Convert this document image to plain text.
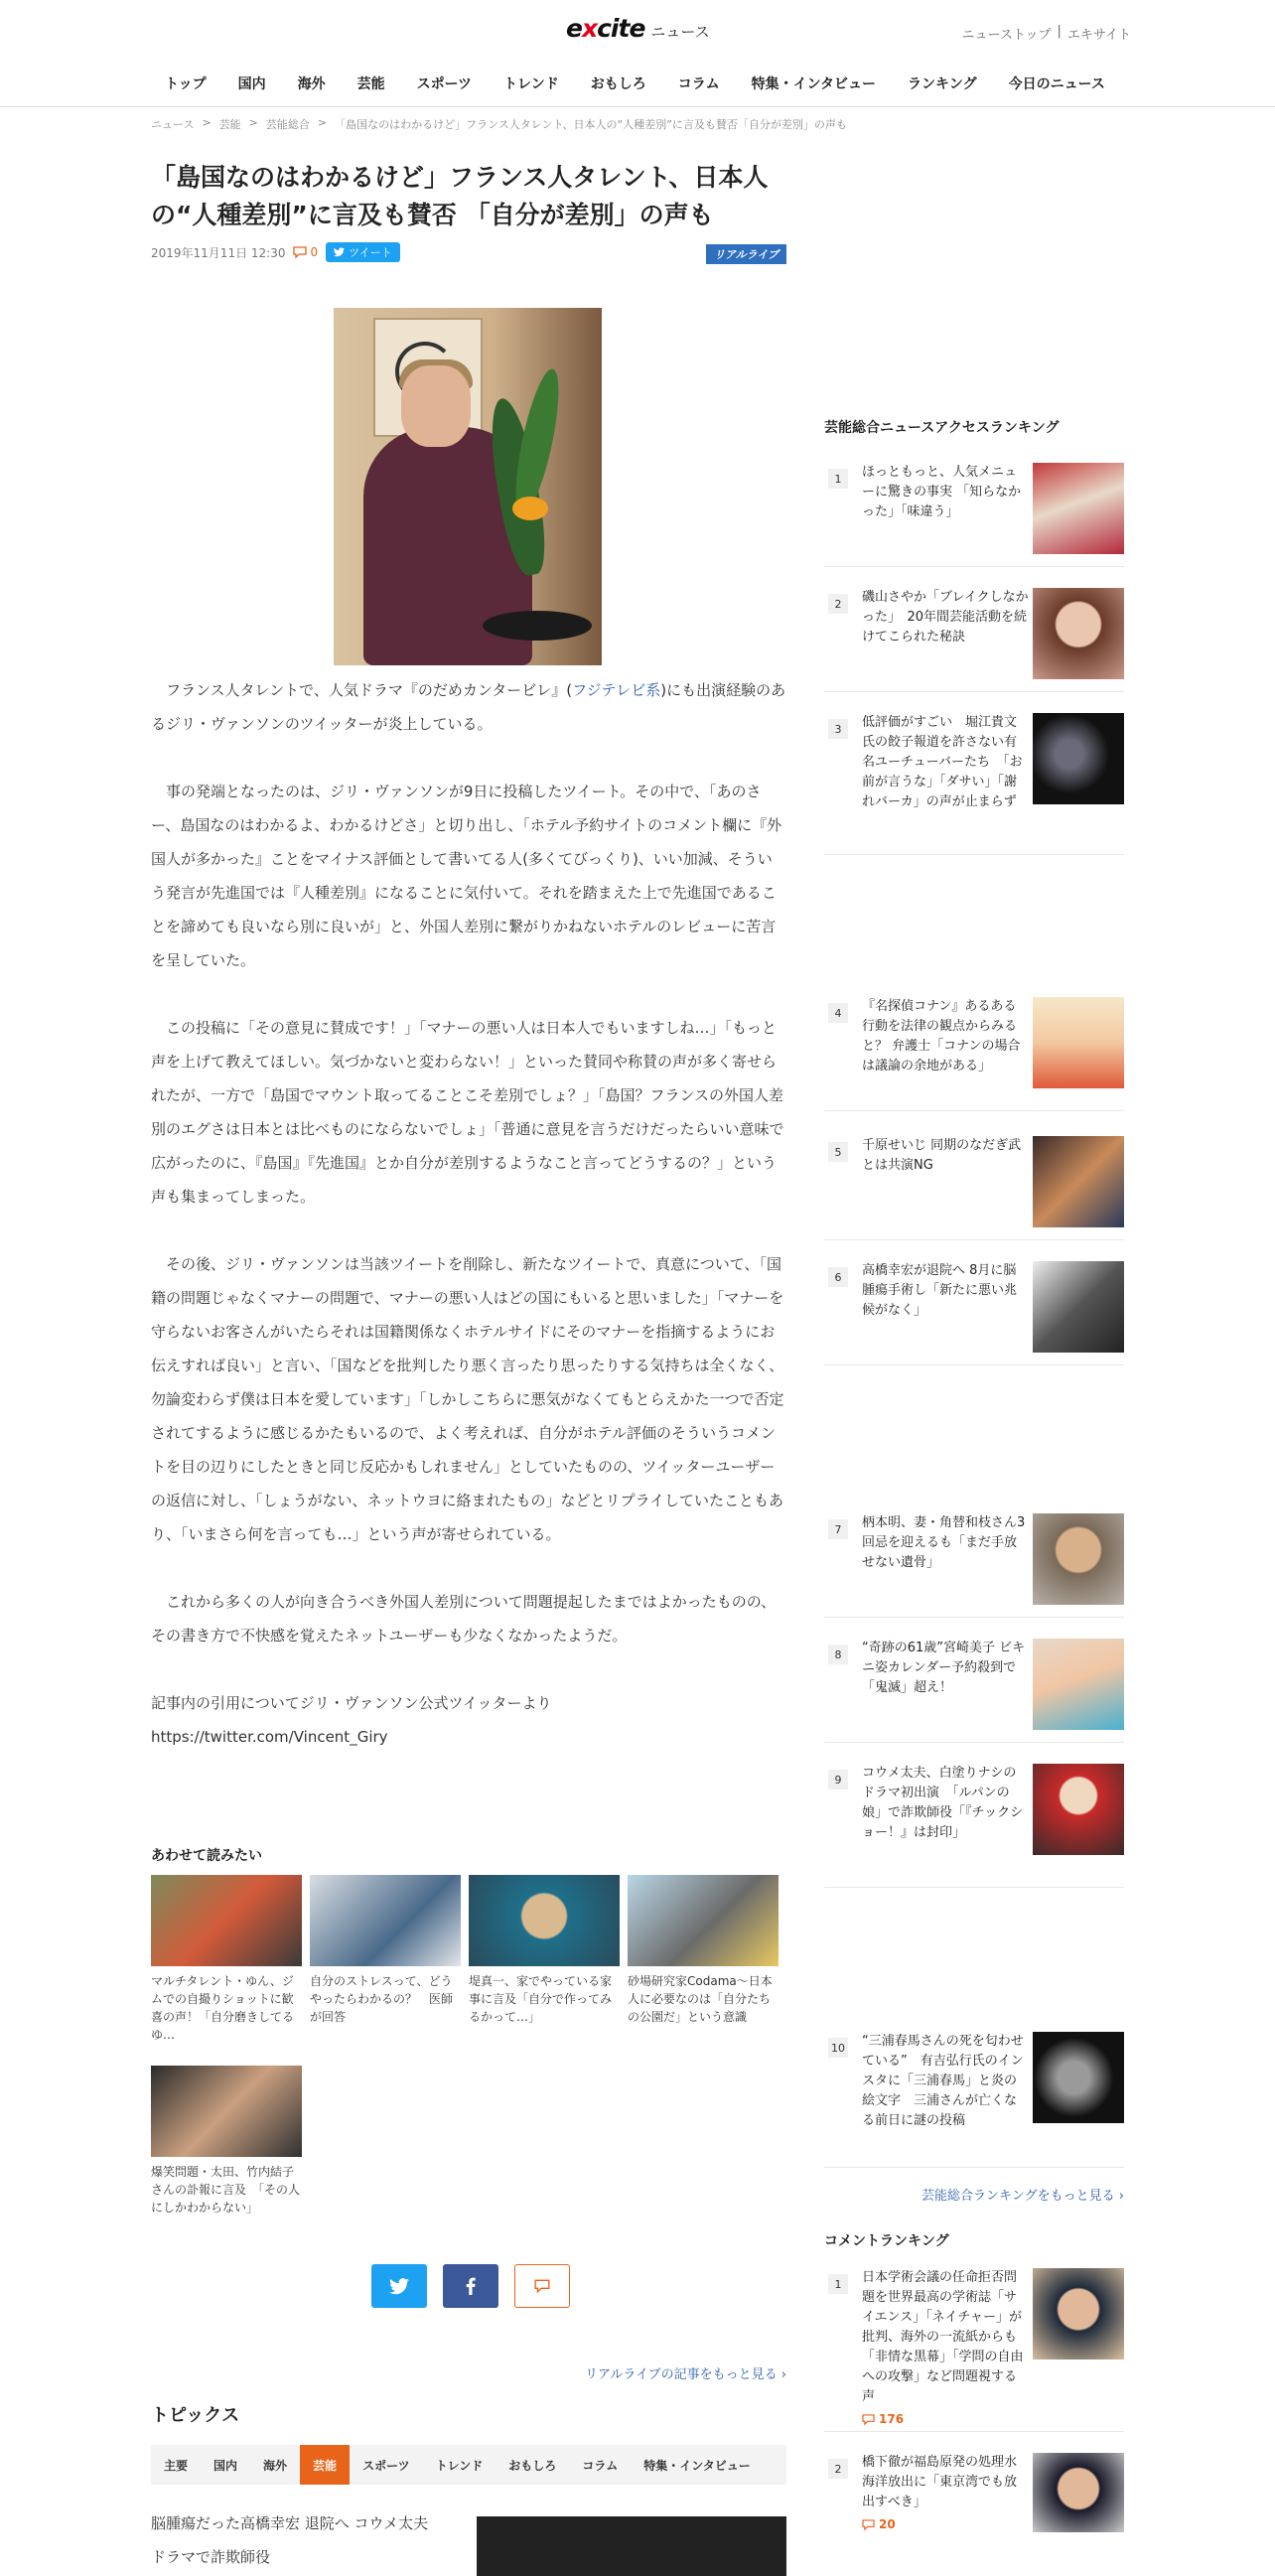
excite ニュース	ニューストップ | エキサイト
トップ	国内	海外	芸能	スポーツ	トレンド	おもしろ	コラム	特集・インタビュー	ランキング	今日のニュース
ニュース > 芸能 > 芸能総合 > 「島国なのはわかるけど」フランス人タレント、日本人の“人種差別”に言及も賛否「自分が差別」の声も
「島国なのはわかるけど」フランス人タレント、日本人の“人種差別”に言及も賛否 「自分が差別」の声も
2019年11月11日 12:30 0	ツイート	リアルライブ

フランス人タレントで、人気ドラマ『のだめカンタービレ』(フジテレビ系)にも出演経験のあるジリ・ヴァンソンのツイッターが炎上している。

事の発端となったのは、ジリ・ヴァンソンが9日に投稿したツイート。その中で、「あのさー、島国なのはわかるよ、わかるけどさ」と切り出し、「ホテル予約サイトのコメント欄に『外国人が多かった』ことをマイナス評価として書いてる人(多くてびっくり)、いい加減、そういう発言が先進国では『人種差別』になることに気付いて。それを踏まえた上で先進国であることを諦めても良いなら別に良いが」と、外国人差別に繋がりかねないホテルのレビューに苦言を呈していた。

この投稿に「その意見に賛成です！」「マナーの悪い人は日本人でもいますしね…」「もっと声を上げて教えてほしい。気づかないと変わらない！」といった賛同や称賛の声が多く寄せられたが、一方で「島国でマウント取ってることこそ差別でしょ？」「島国？フランスの外国人差別のエグさは日本とは比べものにならないでしょ」「普通に意見を言うだけだったらいい意味で広がったのに、『島国』『先進国』とか自分が差別するようなこと言ってどうするの？」という声も集まってしまった。

その後、ジリ・ヴァンソンは当該ツイートを削除し、新たなツイートで、真意について、「国籍の問題じゃなくマナーの問題で、マナーの悪い人はどの国にもいると思いました」「マナーを守らないお客さんがいたらそれは国籍関係なくホテルサイドにそのマナーを指摘するようにお伝えすれば良い」と言い、「国などを批判したり悪く言ったり思ったりする気持ちは全くなく、勿論変わらず僕は日本を愛しています」「しかしこちらに悪気がなくてもとらえかた一つで否定されてするように感じるかたもいるので、よく考えれば、自分がホテル評価のそういうコメントを目の辺りにしたときと同じ反応かもしれません」としていたものの、ツイッターユーザーの返信に対し、「しょうがない、ネットウヨに絡まれたもの」などとリプライしていたこともあり、「いまさら何を言っても…」という声が寄せられている。

これから多くの人が向き合うべき外国人差別について問題提起したまではよかったものの、その書き方で不快感を覚えたネットユーザーも少なくなかったようだ。

記事内の引用についてジリ・ヴァンソン公式ツイッターより

https://twitter.com/Vincent_Giry

あわせて読みたい
マルチタレント・ゆん、ジムでの自撮りショットに歓喜の声！「自分磨きしてるゆ…
自分のストレスって、どうやったらわかるの？　医師が回答
堤真一、家でやっている家事に言及「自分で作ってみるかって…」
砂場研究家Codama～日本人に必要なのは「自分たちの公園だ」という意識
爆笑問題・太田、竹内結子さんの訃報に言及　「その人にしかわからない」
リアルライブの記事をもっと見る ›
トピックス
主要	国内	海外	芸能	スポーツ	トレンド	おもしろ	コラム	特集・インタビュー
脳腫瘍だった高橋幸宏 退院へ コウメ太夫 ドラマで詐欺師役
芸能総合ニュースアクセスランキング
1	ほっともっと、人気メニューに驚きの事実 「知らなかった」「味違う」
2	磯山さやか「ブレイクしなかった」　20年間芸能活動を続けてこられた秘訣
3	低評価がすごい　堀江貴文氏の餃子報道を許さない有名ユーチューバーたち　「お前が言うな」「ダサい」「謝れバーカ」の声が止まらず
4	『名探偵コナン』あるある行動を法律の観点からみると？ 弁護士「コナンの場合は議論の余地がある」
5	千原せいじ 同期のなだぎ武とは共演NG
6	高橋幸宏が退院へ 8月に脳腫瘍手術し「新たに悪い兆候がなく」
7	柄本明、妻・角替和枝さん3回忌を迎えるも「まだ手放せない遺骨」
8	“奇跡の61歳”宮崎美子 ビキニ姿カレンダー予約殺到で「鬼滅」超え！
9	コウメ太夫、白塗りナシのドラマ初出演　「ルパンの娘」で詐欺師役「『チックショー！』は封印」
10 “三浦春馬さんの死を匂わせている”　有吉弘行氏のインスタに「三浦春馬」と炎の絵文字　三浦さんが亡くなる前日に謎の投稿
芸能総合ランキングをもっと見る ›
コメントランキング
1	日本学術会議の任命拒否問題を世界最高の学術誌「サイエンス」「ネイチャー」が批判、海外の一流紙からも「非情な黒幕」「学問の自由への攻撃」など問題視する声
176
2	橋下徹が福島原発の処理水海洋放出に「東京湾でも放出すべき」
20
